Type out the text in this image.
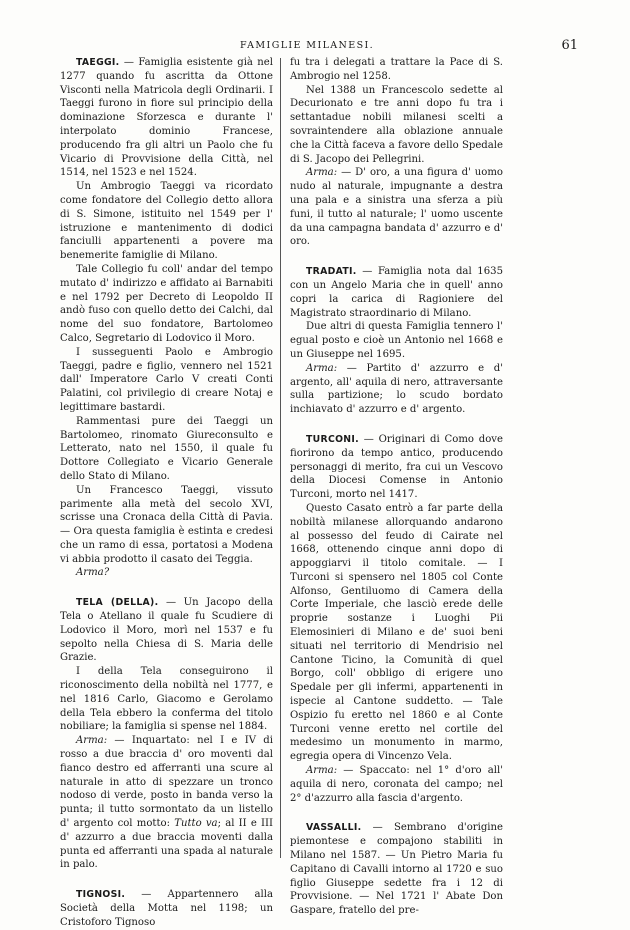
FAMIGLIE MILANESI.	61

TAEGGI. — Famiglia esistente già nel 1277 quando fu ascritta da Ottone Visconti nella Matricola degli Ordinarii. I Taeggi furono in fiore sul principio della dominazione Sforzesca e durante l' interpolato dominio Francese, producendo fra gli altri un Paolo che fu Vicario di Provvisione della Città, nel 1514, nel 1523 e nel 1524.

Un Ambrogio Taeggi va ricordato come fondatore del Collegio detto allora di S. Simone, istituito nel 1549 per l' istruzione e mantenimento di dodici fanciulli appartenenti a povere ma benemerite famiglie di Milano.

Tale Collegio fu coll' andar del tempo mutato d' indirizzo e affidato ai Barnabiti e nel 1792 per Decreto di Leopoldo II andò fuso con quello detto dei Calchi, dal nome del suo fondatore, Bartolomeo Calco, Segretario di Lodovico il Moro.

I susseguenti Paolo e Ambrogio Taeggi, padre e figlio, vennero nel 1521 dall' Imperatore Carlo V creati Conti Palatini, col privilegio di creare Notaj e legittimare bastardi.

Rammentasi pure dei Taeggi un Bartolomeo, rinomato Giureconsulto e Letterato, nato nel 1550, il quale fu Dottore Collegiato e Vicario Generale dello Stato di Milano.

Un Francesco Taeggi, vissuto parimente alla metà del secolo XVI, scrisse una Cronaca della Città di Pavia. — Ora questa famiglia è estinta e credesi che un ramo di essa, portatosi a Modena vi abbia prodotto il casato dei Teggia.

Arma?

TELA (DELLA). — Un Jacopo della Tela o Atellano il quale fu Scudiere di Lodovico il Moro, morì nel 1537 e fu sepolto nella Chiesa di S. Maria delle Grazie.

I della Tela conseguirono il riconoscimento della nobiltà nel 1777, e nel 1816 Carlo, Giacomo e Gerolamo della Tela ebbero la conferma del titolo nobiliare; la famiglia si spense nel 1884.

Arma: — Inquartato: nel I e IV di rosso a due braccia d' oro moventi dal fianco destro ed afferranti una scure al naturale in atto di spezzare un tronco nodoso di verde, posto in banda verso la punta; il tutto sormontato da un listello d' argento col motto: Tutto va; al II e III d' azzurro a due braccia moventi dalla punta ed afferranti una spada al naturale in palo.

TIGNOSI. — Appartennero alla Società della Motta nel 1198; un Cristoforo Tignoso

fu tra i delegati a trattare la Pace di S. Ambrogio nel 1258.

Nel 1388 un Francescolo sedette al Decurionato e tre anni dopo fu tra i settantadue nobili milanesi scelti a sovraintendere alla oblazione annuale che la Città faceva a favore dello Spedale di S. Jacopo dei Pellegrini.

Arma: — D' oro, a una figura d' uomo nudo al naturale, impugnante a destra una pala e a sinistra una sferza a più funi, il tutto al naturale; l' uomo uscente da una campagna bandata d' azzurro e d' oro.

TRADATI. — Famiglia nota dal 1635 con un Angelo Maria che in quell' anno copri la carica di Ragioniere del Magistrato straordinario di Milano.

Due altri di questa Famiglia tennero l' egual posto e cioè un Antonio nel 1668 e un Giuseppe nel 1695.

Arma: — Partito d' azzurro e d' argento, all' aquila di nero, attraversante sulla partizione; lo scudo bordato inchiavato d' azzurro e d' argento.

TURCONI. — Originari di Como dove fiorirono da tempo antico, producendo personaggi di merito, fra cui un Vescovo della Diocesi Comense in Antonio Turconi, morto nel 1417.

Questo Casato entrò a far parte della nobiltà milanese allorquando andarono al possesso del feudo di Cairate nel 1668, ottenendo cinque anni dopo di appoggiarvi il titolo comitale. — I Turconi si spensero nel 1805 col Conte Alfonso, Gentiluomo di Camera della Corte Imperiale, che lasciò erede delle proprie sostanze i Luoghi Pii Elemosinieri di Milano e de' suoi beni situati nel territorio di Mendrisio nel Cantone Ticino, la Comunità di quel Borgo, coll' obbligo di erigere uno Spedale per gli infermi, appartenenti in ispecie al Cantone suddetto. — Tale Ospizio fu eretto nel 1860 e al Conte Turconi venne eretto nel cortile del medesimo un monumento in marmo, egregia opera di Vincenzo Vela.

Arma: — Spaccato: nel 1° d'oro all' aquila di nero, coronata del campo; nel 2° d'azzurro alla fascia d'argento.

VASSALLI. — Sembrano d'origine piemontese e compajono stabiliti in Milano nel 1587. — Un Pietro Maria fu Capitano di Cavalli intorno al 1720 e suo figlio Giuseppe sedette fra i 12 di Provvisione. — Nel 1721 l' Abate Don Gaspare, fratello del pre-
